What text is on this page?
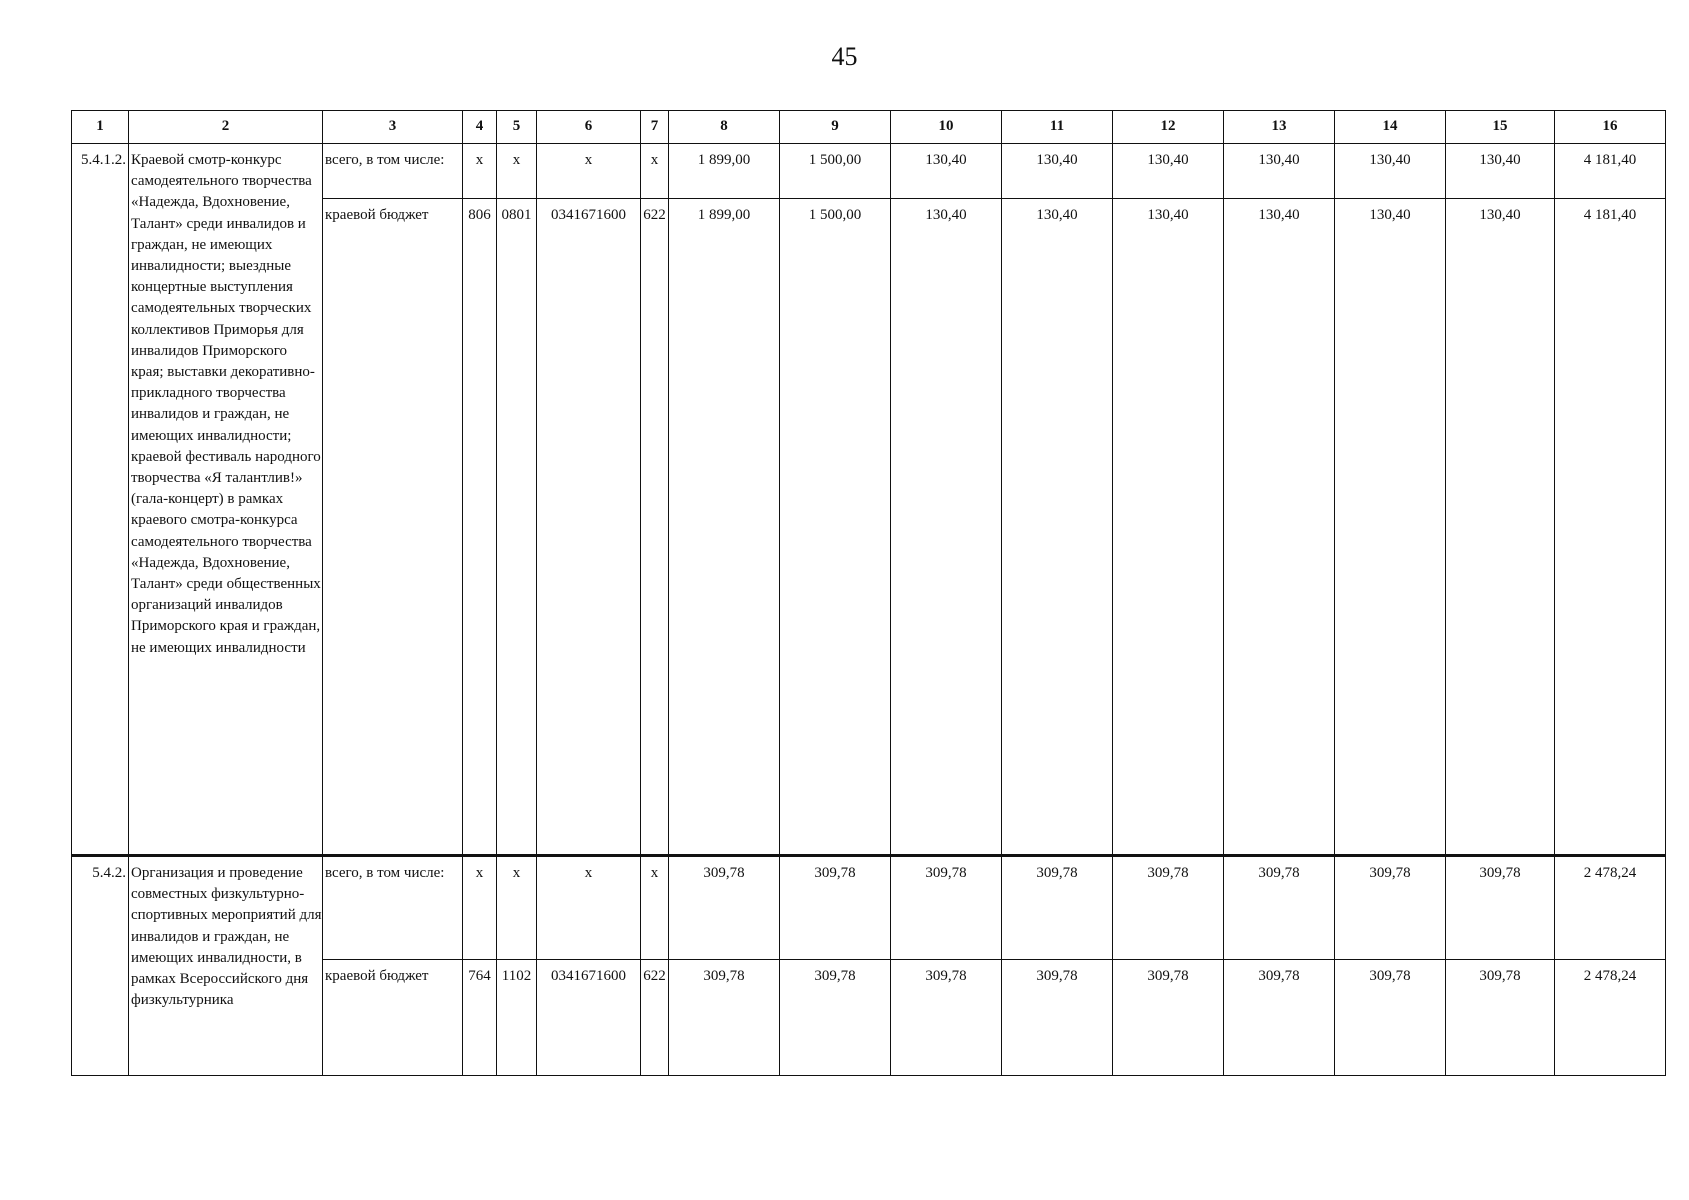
45
1	2	3	4	5	6	7	8	9	10	11	12	13	14	15	16
5.4.1.2.	Краевой смотр-конкурс самодеятельного творчества «Надежда, Вдохновение, Талант» среди инвалидов и граждан, не имеющих инвалидности; выездные концертные выступления самодеятельных творческих коллективов Приморья для инвалидов Приморского края; выставки декоративно-прикладного творчества инвалидов и граждан, не имеющих инвалидности; краевой фестиваль народного творчества «Я талантлив!» (гала-концерт) в рамках краевого смотра-конкурса самодеятельного творчества «Надежда, Вдохновение, Талант» среди общественных организаций инвалидов Приморского края и граждан, не имеющих инвалидности	всего, в том числе:	x	x	x	x	1 899,00	1 500,00	130,40	130,40	130,40	130,40	130,40	130,40	4 181,40
		краевой бюджет	806	0801	0341671600	622	1 899,00	1 500,00	130,40	130,40	130,40	130,40	130,40	130,40	4 181,40
5.4.2.	Организация и проведение совместных физкультурно-спортивных мероприятий для инвалидов и граждан, не имеющих инвалидности, в рамках Всероссийского дня физкультурника	всего, в том числе:	x	x	x	x	309,78	309,78	309,78	309,78	309,78	309,78	309,78	309,78	2 478,24
		краевой бюджет	764	1102	0341671600	622	309,78	309,78	309,78	309,78	309,78	309,78	309,78	309,78	2 478,24
